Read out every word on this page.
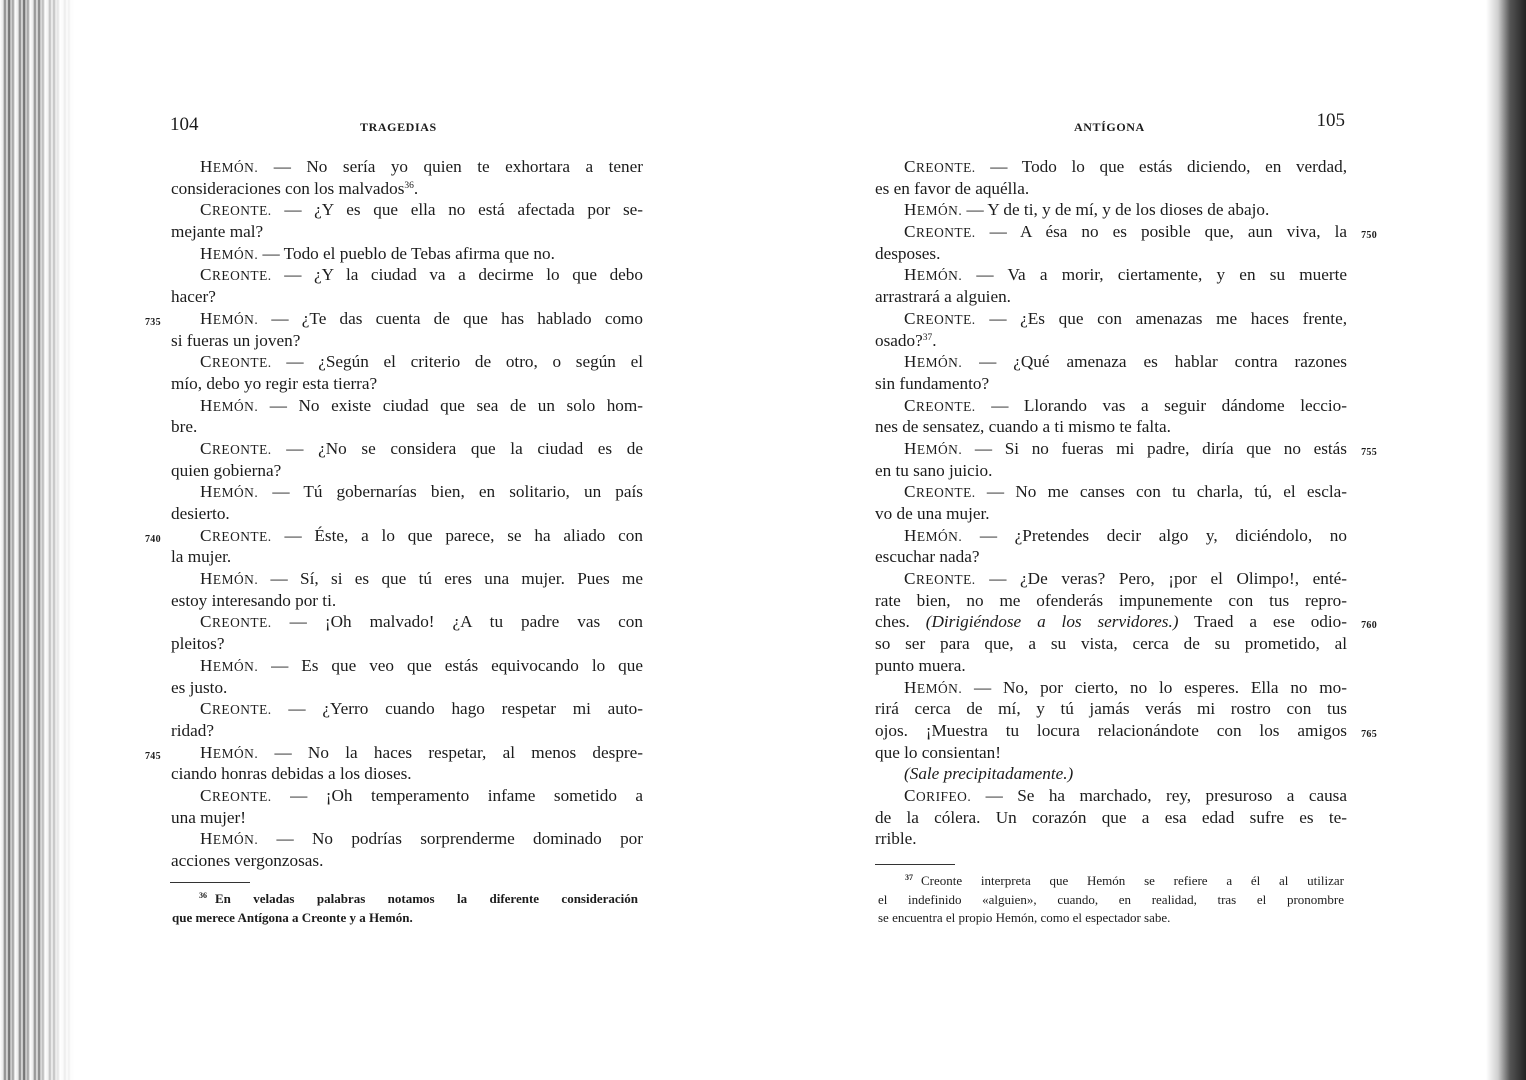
104	TRAGEDIAS
HEMÓN. — No sería yo quien te exhortara a tener
consideraciones con los malvados$^{36}$.
CREONTE. — ¿Y es que ella no está afectada por se-
mejante mal?
HEMÓN. — Todo el pueblo de Tebas afirma que no.
CREONTE. — ¿Y la ciudad va a decirme lo que debo
hacer?
HEMÓN. — ¿Te das cuenta de que has hablado como
735
si fueras un joven?
CREONTE. — ¿Según el criterio de otro, o según el
mío, debo yo regir esta tierra?
HEMÓN. — No existe ciudad que sea de un solo hom-
bre.
CREONTE. — ¿No se considera que la ciudad es de
quien gobierna?
HEMÓN. — Tú gobernarías bien, en solitario, un país
desierto.
CREONTE. — Éste, a lo que parece, se ha aliado con
740
la mujer.
HEMÓN. — Sí, si es que tú eres una mujer. Pues me
estoy interesando por ti.
CREONTE. — ¡Oh malvado! ¿A tu padre vas con
pleitos?
HEMÓN. — Es que veo que estás equivocando lo que
es justo.
CREONTE. — ¿Yerro cuando hago respetar mi auto-
ridad?
HEMÓN. — No la haces respetar, al menos despre-
745
ciando honras debidas a los dioses.
CREONTE. — ¡Oh temperamento infame sometido a
una mujer!
HEMÓN. — No podrías sorprenderme dominado por
acciones vergonzosas.
$^{36}$ En veladas palabras notamos la diferente consideración
que merece Antígona a Creonte y a Hemón.
ANTÍGONA	105
CREONTE. — Todo lo que estás diciendo, en verdad,
es en favor de aquélla.
HEMÓN. — Y de ti, y de mí, y de los dioses de abajo.
CREONTE. — A ésa no es posible que, aun viva, la 750
desposes.
HEMÓN. — Va a morir, ciertamente, y en su muerte
arrastrará a alguien.
CREONTE. — ¿Es que con amenazas me haces frente,
osado?$^{37}$.
HEMÓN. — ¿Qué amenaza es hablar contra razones
sin fundamento?
CREONTE. — Llorando vas a seguir dándome leccio-
nes de sensatez, cuando a ti mismo te falta.
HEMÓN. — Si no fueras mi padre, diría que no estás 755
en tu sano juicio.
CREONTE. — No me canses con tu charla, tú, el escla-
vo de una mujer.
HEMÓN. — ¿Pretendes decir algo y, diciéndolo, no
escuchar nada?
CREONTE. — ¿De veras? Pero, ¡por el Olimpo!, enté-
rate bien, no me ofenderás impunemente con tus repro-
ches. (Dirigiéndose a los servidores.) Traed a ese odio- 760
so ser para que, a su vista, cerca de su prometido, al
punto muera.
HEMÓN. — No, por cierto, no lo esperes. Ella no mo-
rirá cerca de mí, y tú jamás verás mi rostro con tus
ojos. ¡Muestra tu locura relacionándote con los amigos 765
que lo consientan!
(Sale precipitadamente.)
CORIFEO. — Se ha marchado, rey, presuroso a causa
de la cólera. Un corazón que a esa edad sufre es te-
rrible.
$^{37}$ Creonte interpreta que Hemón se refiere a él al utilizar
el indefinido «alguien», cuando, en realidad, tras el pronombre
se encuentra el propio Hemón, como el espectador sabe.
